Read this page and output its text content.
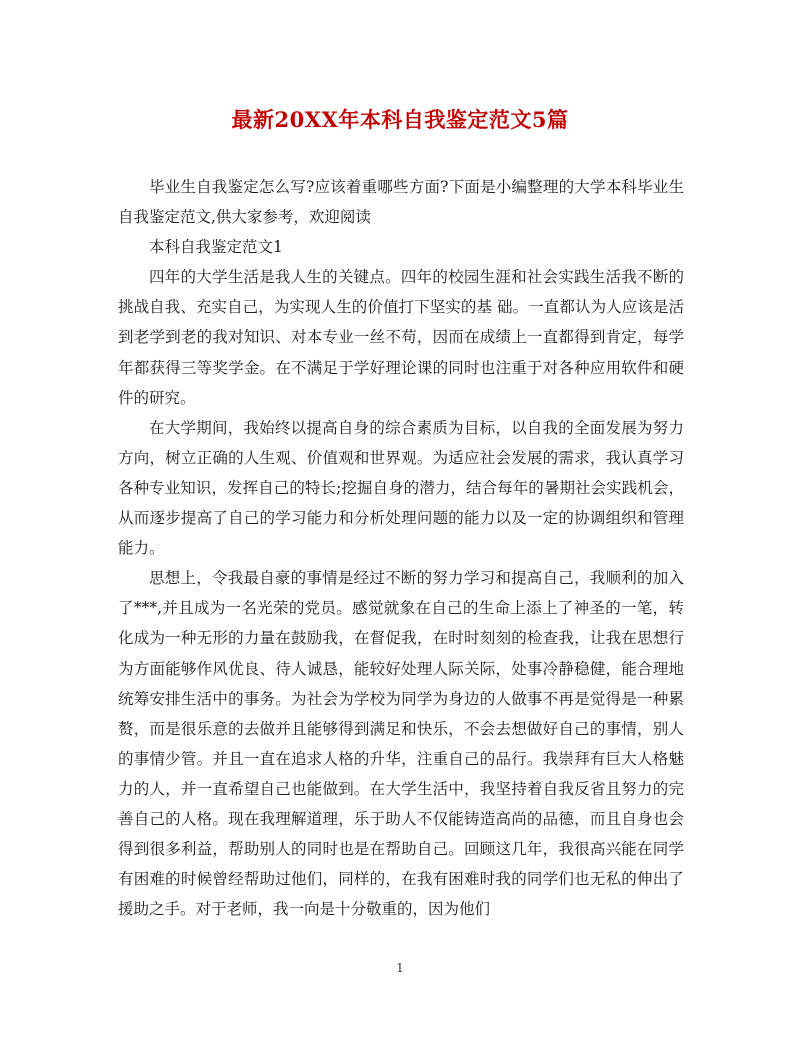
最新20XX年本科自我鉴定范文5篇

毕业生自我鉴定怎么写?应该着重哪些方面?下面是小编整理的大学本科毕业生自我鉴定范文,供大家参考，欢迎阅读

本科自我鉴定范文1

四年的大学生活是我人生的关键点。四年的校园生涯和社会实践生活我不断的挑战自我、充实自己，为实现人生的价值打下坚实的基 础。一直都认为人应该是活到老学到老的我对知识、对本专业一丝不苟，因而在成绩上一直都得到肯定，每学年都获得三等奖学金。在不满足于学好理论课的同时也注重于对各种应用软件和硬件的研究。

在大学期间，我始终以提高自身的综合素质为目标，以自我的全面发展为努力方向，树立正确的人生观、价值观和世界观。为适应社会发展的需求，我认真学习各种专业知识，发挥自己的特长;挖掘自身的潜力，结合每年的暑期社会实践机会，从而逐步提高了自己的学习能力和分析处理问题的能力以及一定的协调组织和管理能力。

思想上，令我最自豪的事情是经过不断的努力学习和提高自己，我顺利的加入了***,并且成为一名光荣的党员。感觉就象在自己的生命上添上了神圣的一笔，转化成为一种无形的力量在鼓励我，在督促我，在时时刻刻的检查我，让我在思想行为方面能够作风优良、待人诚恳，能较好处理人际关际，处事冷静稳健，能合理地统筹安排生活中的事务。为社会为学校为同学为身边的人做事不再是觉得是一种累赘，而是很乐意的去做并且能够得到满足和快乐，不会去想做好自己的事情，别人的事情少管。并且一直在追求人格的升华，注重自己的品行。我崇拜有巨大人格魅力的人，并一直希望自己也能做到。在大学生活中，我坚持着自我反省且努力的完善自己的人格。现在我理解道理，乐于助人不仅能铸造高尚的品德，而且自身也会得到很多利益，帮助别人的同时也是在帮助自己。回顾这几年，我很高兴能在同学有困难的时候曾经帮助过他们，同样的，在我有困难时我的同学们也无私的伸出了援助之手。对于老师，我一向是十分敬重的，因为他们

1
